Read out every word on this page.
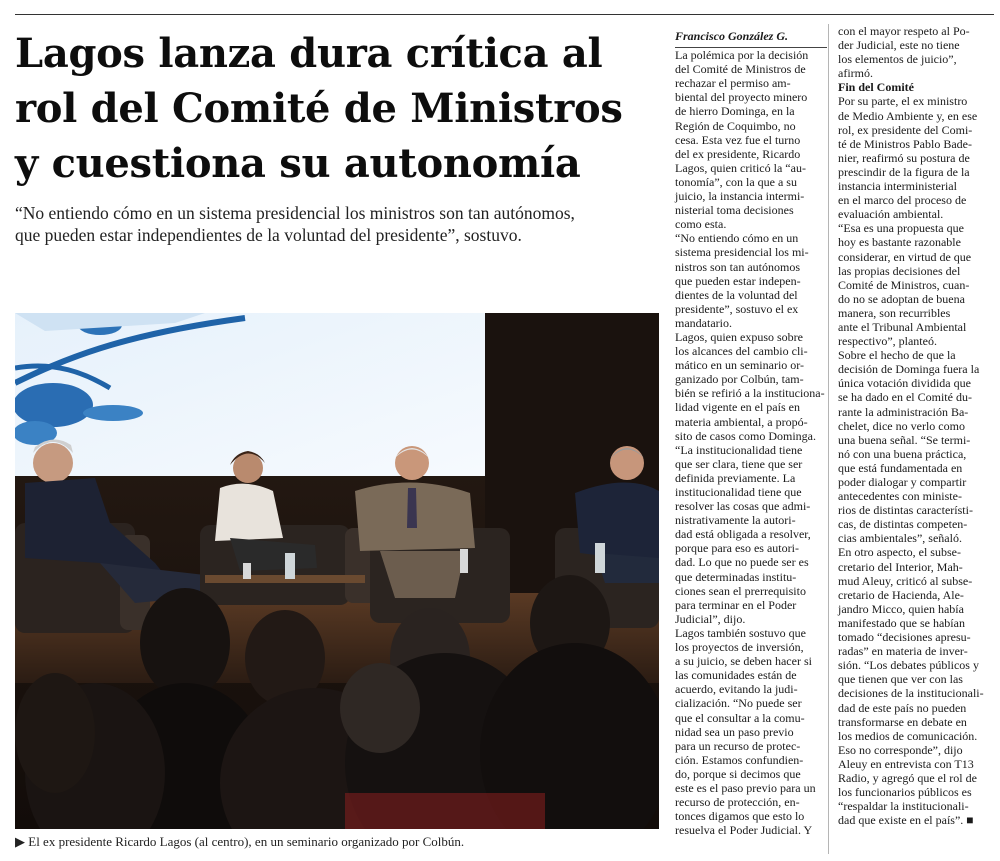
Lagos lanza dura crítica al
rol del Comité de Ministros
y cuestiona su autonomía

“No entiendo cómo en un sistema presidencial los ministros son tan autónomos,
que pueden estar independientes de la voluntad del presidente”, sostuvo.

▶ El ex presidente Ricardo Lagos (al centro), en un seminario organizado por Colbún.

Francisco González G.

La polémica por la decisión
del Comité de Ministros de
rechazar el permiso am-
biental del proyecto minero
de hierro Dominga, en la
Región de Coquimbo, no
cesa. Esta vez fue el turno
del ex presidente, Ricardo
Lagos, quien criticó la “au-
tonomía”, con la que a su
juicio, la instancia intermi-
nisterial toma decisiones
como esta.

“No entiendo cómo en un
sistema presidencial los mi-
nistros son tan autónomos
que pueden estar indepen-
dientes de la voluntad del
presidente”, sostuvo el ex
mandatario.

Lagos, quien expuso sobre
los alcances del cambio cli-
mático en un seminario or-
ganizado por Colbún, tam-
bién se refirió a la instituciona-
lidad vigente en el país en
materia ambiental, a propó-
sito de casos como Dominga.
“La institucionalidad tiene
que ser clara, tiene que ser
definida previamente. La
institucionalidad tiene que
resolver las cosas que admi-
nistrativamente la autori-
dad está obligada a resolver,
porque para eso es autori-
dad. Lo que no puede ser es
que determinadas institu-
ciones sean el prerrequisito
para terminar en el Poder
Judicial”, dijo.

Lagos también sostuvo que
los proyectos de inversión,
a su juicio, se deben hacer si
las comunidades están de
acuerdo, evitando la judi-
cialización. “No puede ser
que el consultar a la comu-
nidad sea un paso previo
para un recurso de protec-
ción. Estamos confundien-
do, porque si decimos que
este es el paso previo para un
recurso de protección, en-
tonces digamos que esto lo
resuelva el Poder Judicial. Y

con el mayor respeto al Po-
der Judicial, este no tiene
los elementos de juicio”,
afirmó.

Fin del Comité

Por su parte, el ex ministro
de Medio Ambiente y, en ese
rol, ex presidente del Comi-
té de Ministros Pablo Bade-
nier, reafirmó su postura de
prescindir de la figura de la
instancia interministerial
en el marco del proceso de
evaluación ambiental.

“Esa es una propuesta que
hoy es bastante razonable
considerar, en virtud de que
las propias decisiones del
Comité de Ministros, cuan-
do no se adoptan de buena
manera, son recurribles
ante el Tribunal Ambiental
respectivo”, planteó.

Sobre el hecho de que la
decisión de Dominga fuera la
única votación dividida que
se ha dado en el Comité du-
rante la administración Ba-
chelet, dice no verlo como
una buena señal. “Se termi-
nó con una buena práctica,
que está fundamentada en
poder dialogar y compartir
antecedentes con ministe-
rios de distintas característi-
cas, de distintas competen-
cias ambientales”, señaló.

En otro aspecto, el subse-
cretario del Interior, Mah-
mud Aleuy, criticó al subse-
cretario de Hacienda, Ale-
jandro Micco, quien había
manifestado que se habían
tomado “decisiones apresu-
radas” en materia de inver-
sión. “Los debates públicos y
que tienen que ver con las
decisiones de la institucionali-
dad de este país no pueden
transformarse en debate en
los medios de comunicación.
Eso no corresponde”, dijo
Aleuy en entrevista con T13
Radio, y agregó que el rol de
los funcionarios públicos es
“respaldar la institucionali-
dad que existe en el país”. ■
